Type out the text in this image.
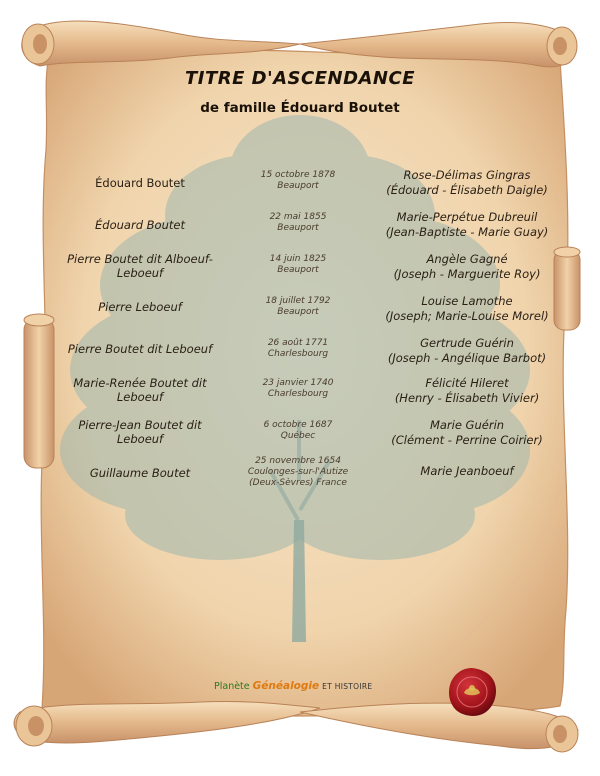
TITRE D'ASCENDANCE
de famille Édouard Boutet
Édouard Boutet
15 octobre 1878
Beauport
Rose-Délimas Gingras
(Édouard - Élisabeth Daigle)
Édouard Boutet
22 mai 1855
Beauport
Marie-Perpétue Dubreuil
(Jean-Baptiste - Marie Guay)
Pierre Boutet dit Alboeuf-
Leboeuf
14 juin 1825
Beauport
Angèle Gagné
(Joseph - Marguerite Roy)
Pierre Leboeuf	18 juillet 1792
Beauport
Louise Lamothe
(Joseph; Marie-Louise Morel)
Pierre Boutet dit Leboeuf	26 août 1771
Charlesbourg
Gertrude Guérin
(Joseph - Angélique Barbot)
Marie-Renée Boutet dit
Leboeuf
23 janvier 1740
Charlesbourg
Félicité Hileret
(Henry - Élisabeth Vivier)
Pierre-Jean Boutet dit
Leboeuf
6 octobre 1687
Québec
Marie Guérin
(Clément - Perrine Coirier)
Guillaume Boutet
25 novembre 1654
Coulonges-sur-l'Autize
(Deux-Sèvres) France
Marie Jeanboeuf
Planète Généalogie ET HISTOIRE
